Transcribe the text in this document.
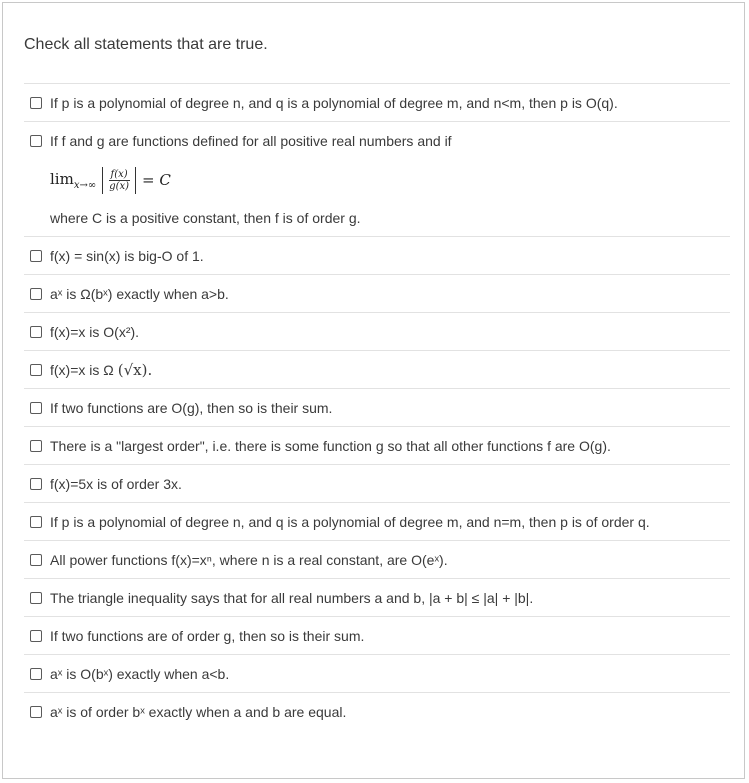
Check all statements that are true.
If p is a polynomial of degree n, and q is a polynomial of degree m, and n<m, then p is O(q).
If f and g are functions defined for all positive real numbers and if
$\lim_{x\to\infty} \frac{f(x)}{g(x)} = C$
where C is a positive constant, then f is of order g.
f(x) = sin(x) is big-O of 1.
aˣ is Ω(bˣ) exactly when a>b.
f(x)=x is O(x²).
f(x)=x is Ω (√x).
If two functions are O(g), then so is their sum.
There is a "largest order", i.e. there is some function g so that all other functions f are O(g).
f(x)=5x is of order 3x.
If p is a polynomial of degree n, and q is a polynomial of degree m, and n=m, then p is of order q.
All power functions f(x)=xⁿ, where n is a real constant, are O(eˣ).
The triangle inequality says that for all real numbers a and b, |a + b| ≤ |a| + |b|.
If two functions are of order g, then so is their sum.
aˣ is O(bˣ) exactly when a<b.
aˣ is of order bˣ exactly when a and b are equal.
